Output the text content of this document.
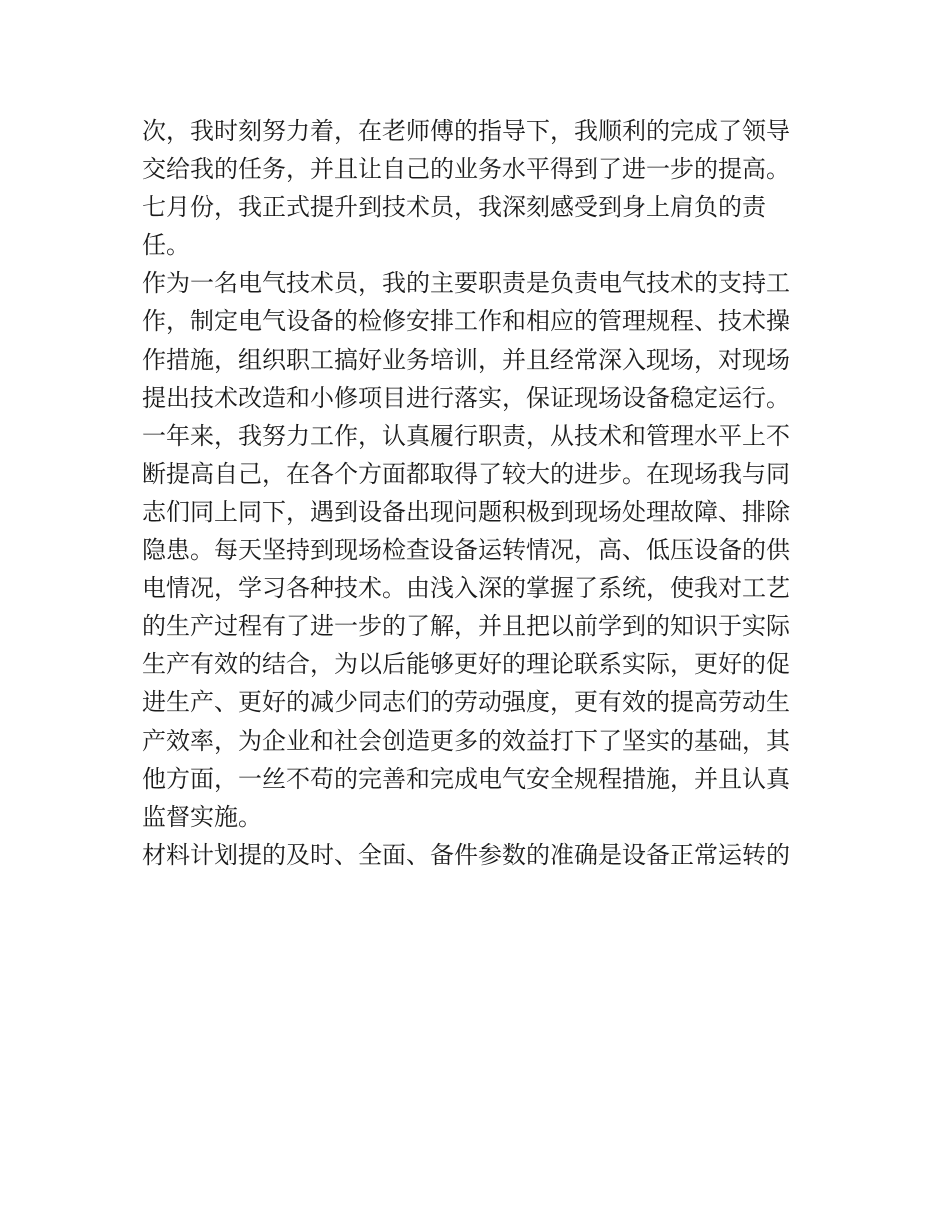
次，我时刻努力着，在老师傅的指导下，我顺利的完成了领导
交给我的任务，并且让自己的业务水平得到了进一步的提高。
七月份，我正式提升到技术员，我深刻感受到身上肩负的责
任。
作为一名电气技术员，我的主要职责是负责电气技术的支持工
作，制定电气设备的检修安排工作和相应的管理规程、技术操
作措施，组织职工搞好业务培训，并且经常深入现场，对现场
提出技术改造和小修项目进行落实，保证现场设备稳定运行。
一年来，我努力工作，认真履行职责，从技术和管理水平上不
断提高自己，在各个方面都取得了较大的进步。在现场我与同
志们同上同下，遇到设备出现问题积极到现场处理故障、排除
隐患。每天坚持到现场检查设备运转情况，高、低压设备的供
电情况，学习各种技术。由浅入深的掌握了系统，使我对工艺
的生产过程有了进一步的了解，并且把以前学到的知识于实际
生产有效的结合，为以后能够更好的理论联系实际，更好的促
进生产、更好的减少同志们的劳动强度，更有效的提高劳动生
产效率，为企业和社会创造更多的效益打下了坚实的基础，其
他方面，一丝不苟的完善和完成电气安全规程措施，并且认真
监督实施。
材料计划提的及时、全面、备件参数的准确是设备正常运转的
